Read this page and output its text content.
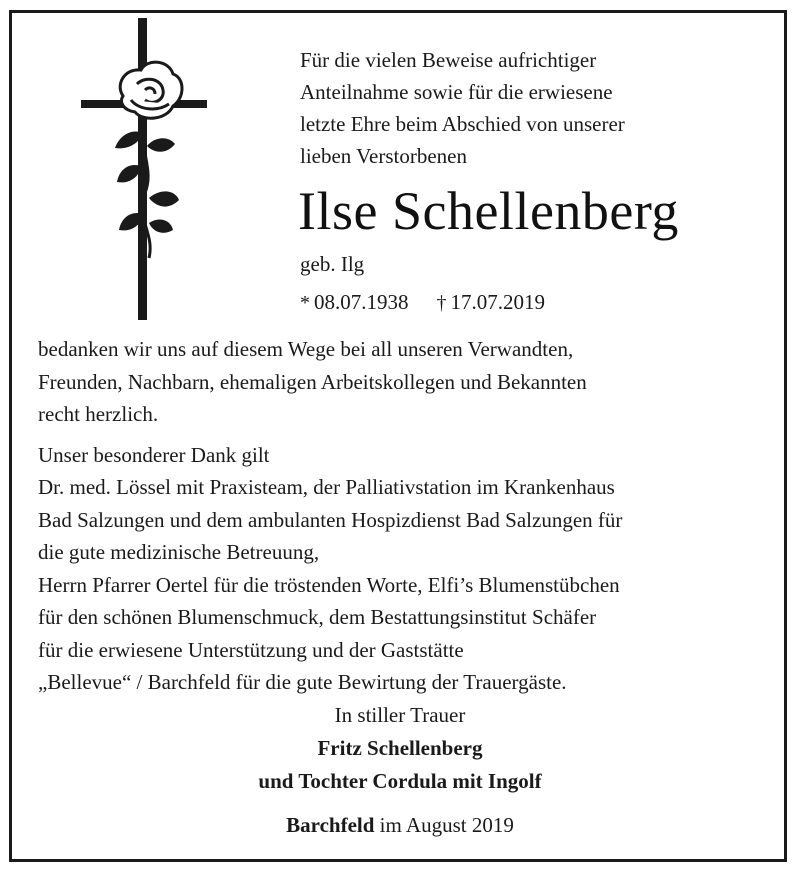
Für die vielen Beweise aufrichtiger
Anteilnahme sowie für die erwiesene
letzte Ehre beim Abschied von unserer
lieben Verstorbenen
Ilse Schellenberg
geb. Ilg
* 08.07.1938 † 17.07.2019
bedanken wir uns auf diesem Wege bei all unseren Verwandten,
Freunden, Nachbarn, ehemaligen Arbeitskollegen und Bekannten
recht herzlich.
Unser besonderer Dank gilt
Dr. med. Lössel mit Praxisteam, der Palliativstation im Krankenhaus
Bad Salzungen und dem ambulanten Hospizdienst Bad Salzungen für
die gute medizinische Betreuung,
Herrn Pfarrer Oertel für die tröstenden Worte, Elfi’s Blumenstübchen
für den schönen Blumenschmuck, dem Bestattungsinstitut Schäfer
für die erwiesene Unterstützung und der Gaststätte
„Bellevue“ / Barchfeld für die gute Bewirtung der Trauergäste.
In stiller Trauer
Fritz Schellenberg
und Tochter Cordula mit Ingolf
Barchfeld im August 2019
